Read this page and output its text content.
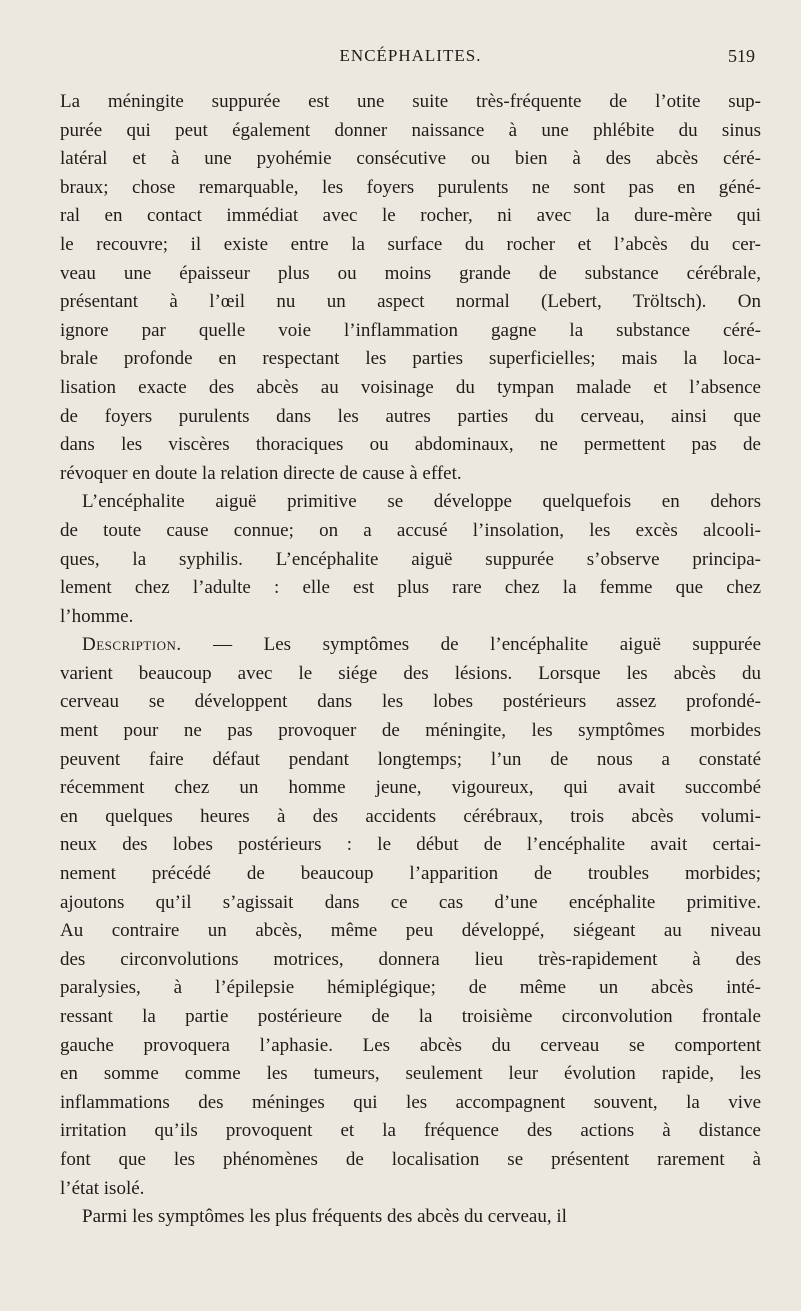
ENCÉPHALITES.	519

La méningite suppurée est une suite très-fréquente de l’otite sup-
purée qui peut également donner naissance à une phlébite du sinus
latéral et à une pyohémie consécutive ou bien à des abcès céré-
braux; chose remarquable, les foyers purulents ne sont pas en géné-
ral en contact immédiat avec le rocher, ni avec la dure-mère qui
le recouvre; il existe entre la surface du rocher et l’abcès du cer-
veau une épaisseur plus ou moins grande de substance cérébrale,
présentant à l’œil nu un aspect normal (Lebert, Tröltsch). On
ignore par quelle voie l’inflammation gagne la substance céré-
brale profonde en respectant les parties superficielles; mais la loca-
lisation exacte des abcès au voisinage du tympan malade et l’absence
de foyers purulents dans les autres parties du cerveau, ainsi que
dans les viscères thoraciques ou abdominaux, ne permettent pas de
révoquer en doute la relation directe de cause à effet.

L’encéphalite aiguë primitive se développe quelquefois en dehors
de toute cause connue; on a accusé l’insolation, les excès alcooli-
ques, la syphilis. L’encéphalite aiguë suppurée s’observe principa-
lement chez l’adulte : elle est plus rare chez la femme que chez
l’homme.

Description. — Les symptômes de l’encéphalite aiguë suppurée
varient beaucoup avec le siége des lésions. Lorsque les abcès du
cerveau se développent dans les lobes postérieurs assez profondé-
ment pour ne pas provoquer de méningite, les symptômes morbides
peuvent faire défaut pendant longtemps; l’un de nous a constaté
récemment chez un homme jeune, vigoureux, qui avait succombé
en quelques heures à des accidents cérébraux, trois abcès volumi-
neux des lobes postérieurs : le début de l’encéphalite avait certai-
nement précédé de beaucoup l’apparition de troubles morbides;
ajoutons qu’il s’agissait dans ce cas d’une encéphalite primitive.
Au contraire un abcès, même peu développé, siégeant au niveau
des circonvolutions motrices, donnera lieu très-rapidement à des
paralysies, à l’épilepsie hémiplégique; de même un abcès inté-
ressant la partie postérieure de la troisième circonvolution frontale
gauche provoquera l’aphasie. Les abcès du cerveau se comportent
en somme comme les tumeurs, seulement leur évolution rapide, les
inflammations des méninges qui les accompagnent souvent, la vive
irritation qu’ils provoquent et la fréquence des actions à distance
font que les phénomènes de localisation se présentent rarement à
l’état isolé.

Parmi les symptômes les plus fréquents des abcès du cerveau, il
